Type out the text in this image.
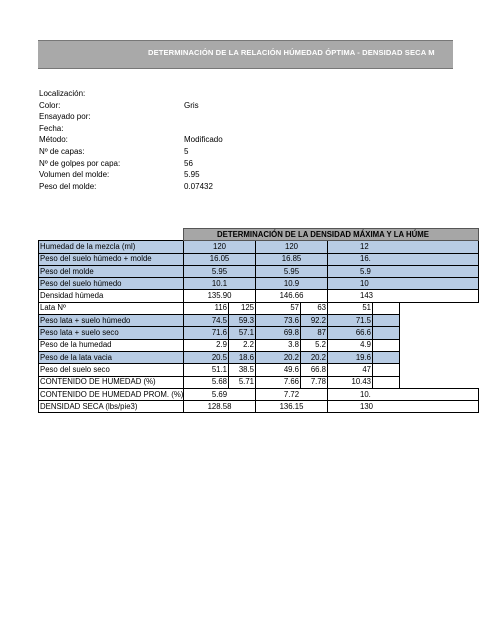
DETERMINACIÓN DE LA RELACIÓN HÚMEDAD ÓPTIMA - DENSIDAD SECA M
Localización:
Color:	Gris
Ensayado por:
Fecha:
Método:	Modificado
Nº de capas:	5
Nº de golpes por capa:	56
Volumen del molde:	5.95
Peso del molde:	0.07432
	DETERMINACIÓN DE LA DENSIDAD MÁXIMA Y LA HÚME					
Humedad de la mezcla (ml)	120		120		12	
Peso del suelo húmedo + molde	16.05		16.85		16.	
Peso del molde	5.95		5.95		5.9	
Peso del suelo húmedo	10.1		10.9		10	
Densidad húmeda	135.90		146.66		143	
Lata Nº	116	125	57	63	51	
Peso lata + suelo húmedo	74.5	59.3	73.6	92.2	71.5	
Peso lata + suelo seco	71.6	57.1	69.8	87	66.6	
Peso de la humedad	2.9	2.2	3.8	5.2	4.9	
Peso de la lata vacia	20.5	18.6	20.2	20.2	19.6	
Peso del suelo seco	51.1	38.5	49.6	66.8	47	
CONTENIDO DE HUMEDAD (%)	5.68	5.71	7.66	7.78	10.43	
CONTENIDO DE HUMEDAD PROM. (%)	5.69		7.72		10.	
DENSIDAD SECA (lbs/pie3)	128.58		136.15		130	
